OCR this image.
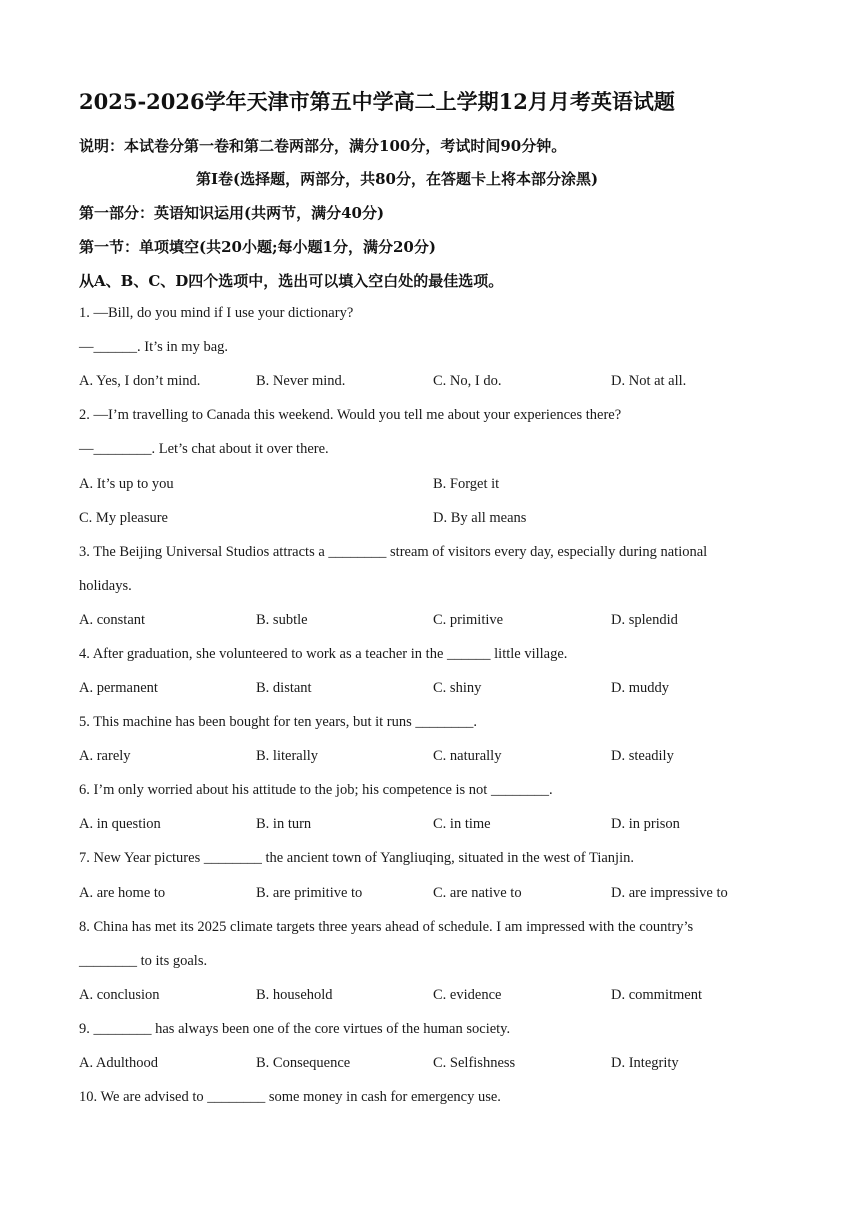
2025-2026学年天津市第五中学高二上学期12月月考英语试题
说明：本试卷分第一卷和第二卷两部分，满分100分，考试时间90分钟。
第Ⅰ卷(选择题，两部分，共80分，在答题卡上将本部分涂黑)
第一部分：英语知识运用(共两节，满分40分)
第一节：单项填空(共20小题;每小题1分，满分20分)
从A、B、C、D四个选项中，选出可以填入空白处的最佳选项。
1. —Bill, do you mind if I use your dictionary?
—______. It’s in my bag.
A. Yes, I don’t mind.	B. Never mind.	C. No, I do.	D. Not at all.
2. —I’m travelling to Canada this weekend. Would you tell me about your experiences there?
—________. Let’s chat about it over there.
A. It’s up to you	B. Forget it
C. My pleasure	D. By all means
3. The Beijing Universal Studios attracts a ________ stream of visitors every day, especially during national
holidays.
A. constant	B. subtle	C. primitive	D. splendid
4. After graduation, she volunteered to work as a teacher in the ______ little village.
A. permanent	B. distant	C. shiny	D. muddy
5. This machine has been bought for ten years, but it runs ________.
A. rarely	B. literally	C. naturally	D. steadily
6. I’m only worried about his attitude to the job; his competence is not ________.
A. in question	B. in turn	C. in time	D. in prison
7. New Year pictures ________ the ancient town of Yangliuqing, situated in the west of Tianjin.
A. are home to	B. are primitive to	C. are native to	D. are impressive to
8. China has met its 2025 climate targets three years ahead of schedule. I am impressed with the country’s
________ to its goals.
A. conclusion	B. household	C. evidence	D. commitment
9. ________ has always been one of the core virtues of the human society.
A. Adulthood	B. Consequence	C. Selfishness	D. Integrity
10. We are advised to ________ some money in cash for emergency use.
